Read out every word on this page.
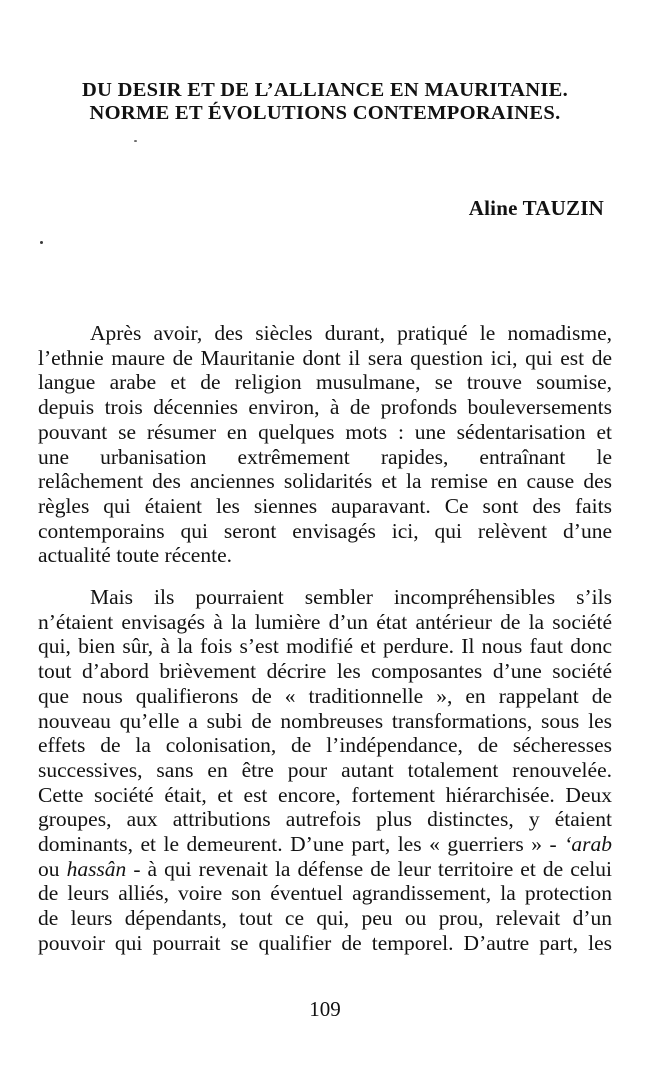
DU DESIR ET DE L’ALLIANCE EN MAURITANIE.
NORME ET ÉVOLUTIONS CONTEMPORAINES.
Aline TAUZIN
Après avoir, des siècles durant, pratiqué le nomadisme,
l’ethnie maure de Mauritanie dont il sera question ici, qui est de
langue arabe et de religion musulmane, se trouve soumise,
depuis trois décennies environ, à de profonds bouleversements
pouvant se résumer en quelques mots : une sédentarisation et
une urbanisation extrêmement rapides, entraînant le
relâchement des anciennes solidarités et la remise en cause des
règles qui étaient les siennes auparavant. Ce sont des faits
contemporains qui seront envisagés ici, qui relèvent d’une
actualité toute récente.
Mais ils pourraient sembler incompréhensibles s’ils
n’étaient envisagés à la lumière d’un état antérieur de la société
qui, bien sûr, à la fois s’est modifié et perdure. Il nous faut donc
tout d’abord brièvement décrire les composantes d’une société
que nous qualifierons de « traditionnelle », en rappelant de
nouveau qu’elle a subi de nombreuses transformations, sous les
effets de la colonisation, de l’indépendance, de sécheresses
successives, sans en être pour autant totalement renouvelée.
Cette société était, et est encore, fortement hiérarchisée. Deux
groupes, aux attributions autrefois plus distinctes, y étaient
dominants, et le demeurent. D’une part, les « guerriers » - ‘arab
ou hassân - à qui revenait la défense de leur territoire et de celui
de leurs alliés, voire son éventuel agrandissement, la protection
de leurs dépendants, tout ce qui, peu ou prou, relevait d’un
pouvoir qui pourrait se qualifier de temporel. D’autre part, les
109
